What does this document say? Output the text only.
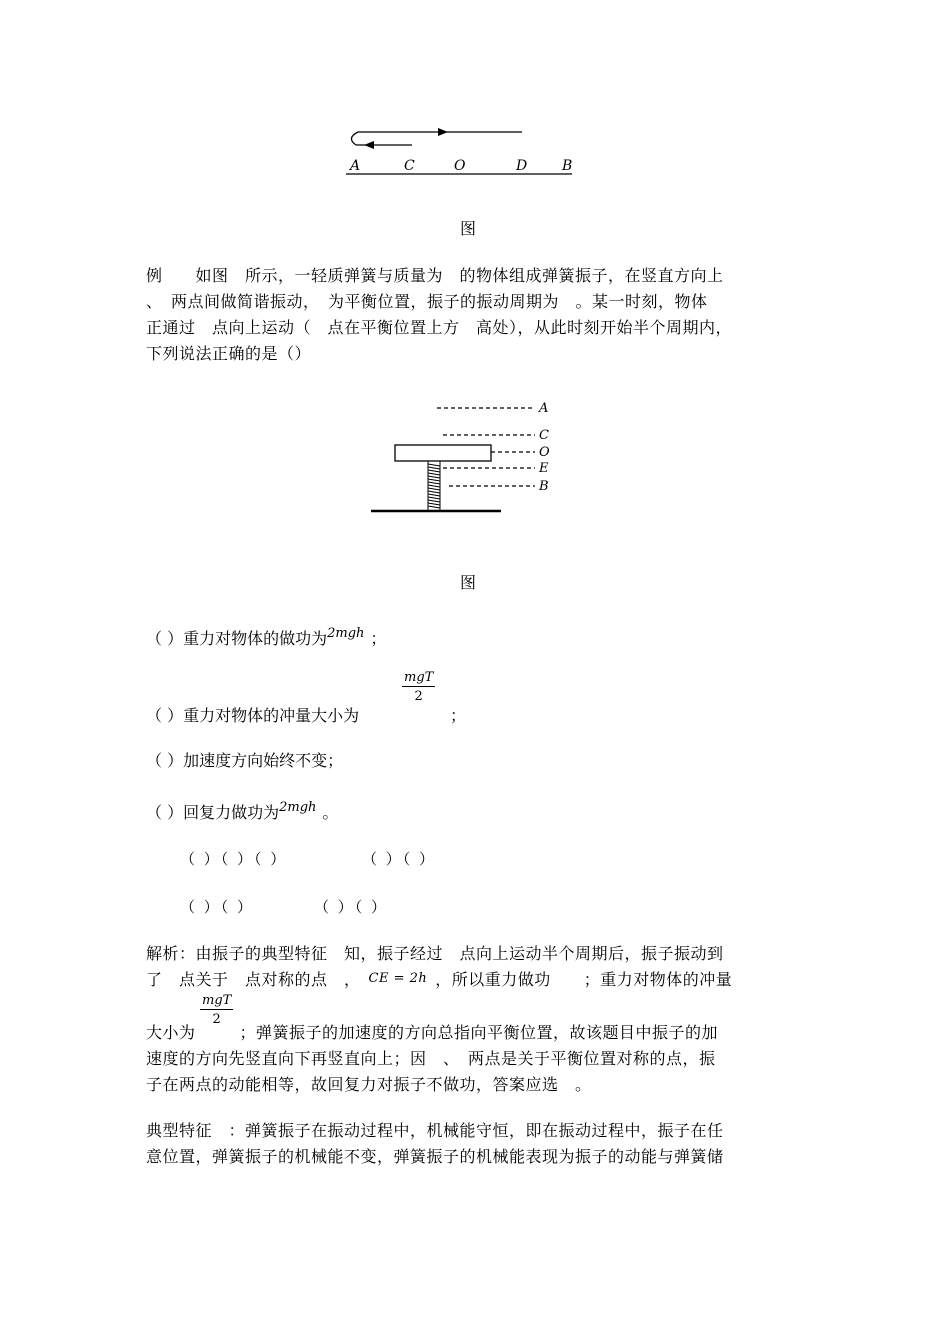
A	C	O	D B
图
例　　如图　所示，一轻质弹簧与质量为　的物体组成弹簧振子，在竖直方向上
、　两点间做简谐振动，　为平衡位置，振子的振动周期为　。某一时刻，物体
正通过　点向上运动（　点在平衡位置上方　高处），从此时刻开始半个周期内，
下列说法正确的是（）
A
C
O
E
B
图
（ ）重力对物体的做功为$^{2mgh}$ ；
（ ）重力对物体的冲量大小为
mgT
2
；
（ ）加速度方向始终不变；
（ ）回复力做功为$^{2mgh}$ 。
（ ）（ ）（ ）	（ ）（ ）
（ ）（ ）	（ ）（ ）
解析：由振子的典型特征　知，振子经过　点向上运动半个周期后，振子振动到
了　点关于　点对称的点　， CE = 2h ，所以重力做功　　；重力对物体的冲量
mgT
2
大小为	；弹簧振子的加速度的方向总指向平衡位置，故该题目中振子的加
速度的方向先竖直向下再竖直向上；因　、　两点是关于平衡位置对称的点，振
子在两点的动能相等，故回复力对振子不做功，答案应选　。
典型特征　：弹簧振子在振动过程中，机械能守恒，即在振动过程中，振子在任
意位置，弹簧振子的机械能不变，弹簧振子的机械能表现为振子的动能与弹簧储
